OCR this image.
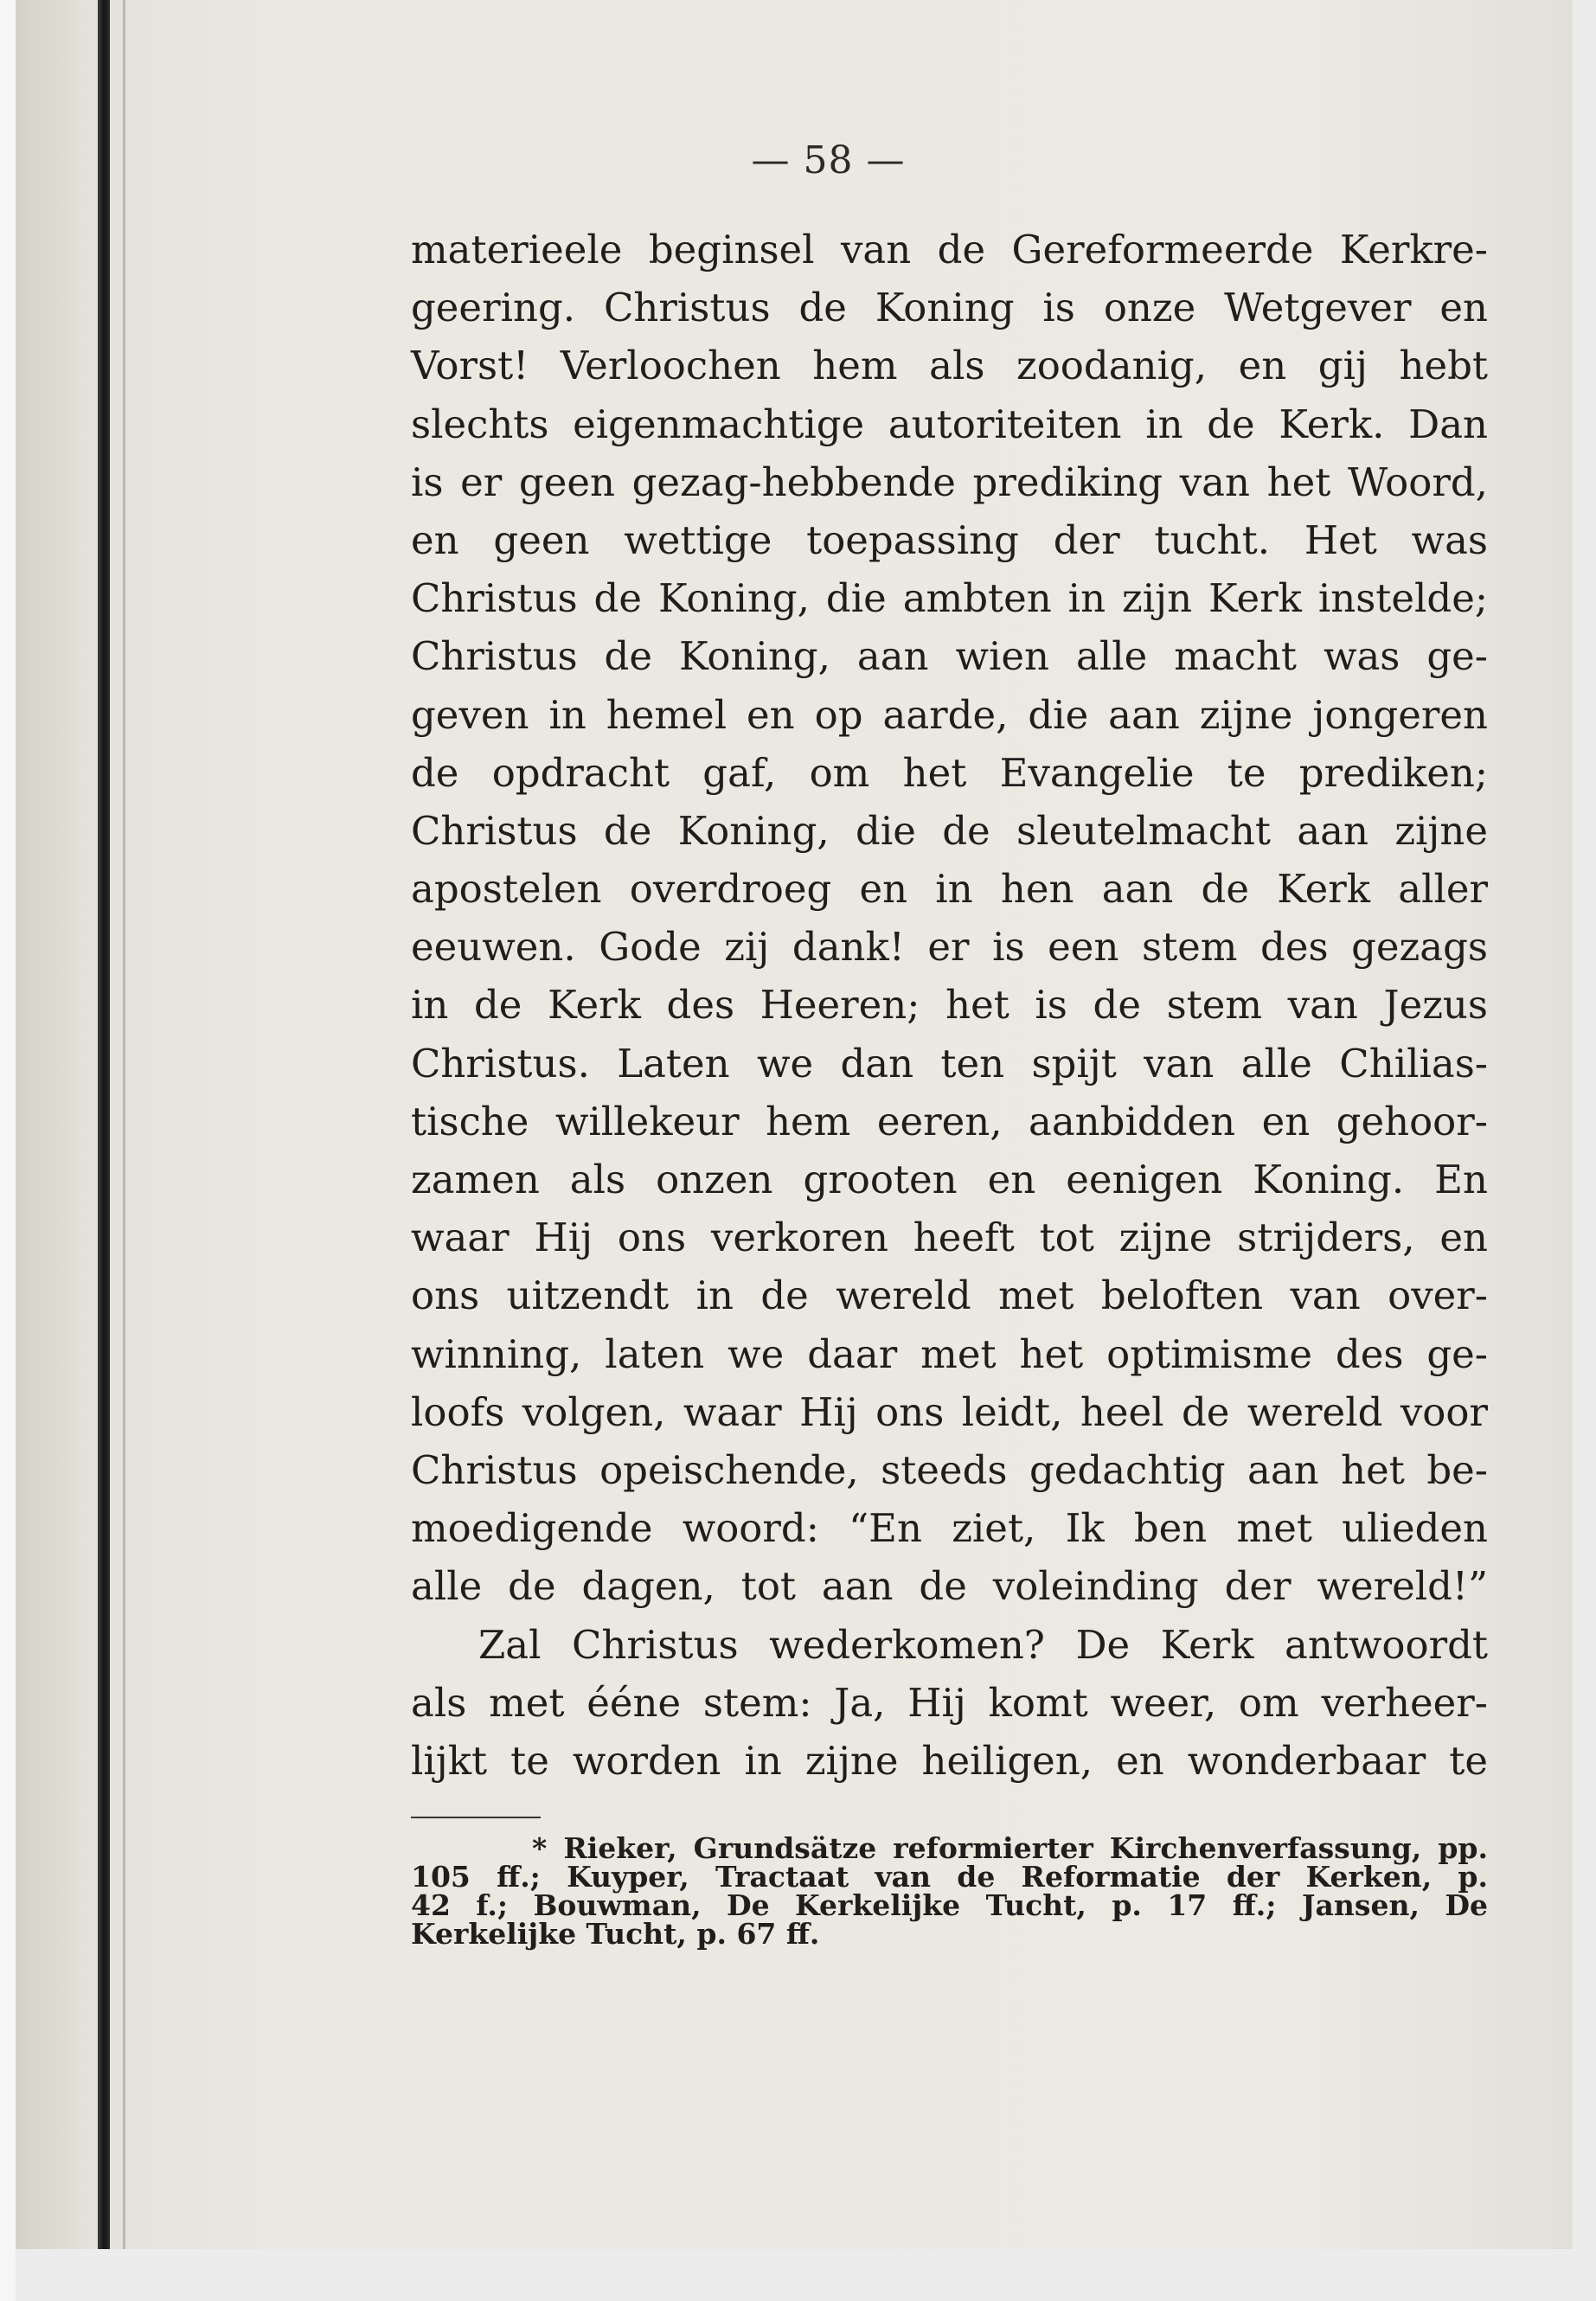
— 58 —
materieele beginsel van de Gereformeerde Kerkre-
geering. Christus de Koning is onze Wetgever en
Vorst! Verloochen hem als zoodanig, en gij hebt
slechts eigenmachtige autoriteiten in de Kerk. Dan
is er geen gezag-hebbende prediking van het Woord,
en geen wettige toepassing der tucht. Het was
Christus de Koning, die ambten in zijn Kerk instelde;
Christus de Koning, aan wien alle macht was ge-
geven in hemel en op aarde, die aan zijne jongeren
de opdracht gaf, om het Evangelie te prediken;
Christus de Koning, die de sleutelmacht aan zijne
apostelen overdroeg en in hen aan de Kerk aller
eeuwen. Gode zij dank! er is een stem des gezags
in de Kerk des Heeren; het is de stem van Jezus
Christus. Laten we dan ten spijt van alle Chilias-
tische willekeur hem eeren, aanbidden en gehoor-
zamen als onzen grooten en eenigen Koning. En
waar Hij ons verkoren heeft tot zijne strijders, en
ons uitzendt in de wereld met beloften van over-
winning, laten we daar met het optimisme des ge-
loofs volgen, waar Hij ons leidt, heel de wereld voor
Christus opeischende, steeds gedachtig aan het be-
moedigende woord: “En ziet, Ik ben met ulieden
alle de dagen, tot aan de voleinding der wereld!”
Zal Christus wederkomen? De Kerk antwoordt
als met ééne stem: Ja, Hij komt weer, om verheer-
lijkt te worden in zijne heiligen, en wonderbaar te
* Rieker, Grundsätze reformierter Kirchenverfassung, pp.
105 ff.; Kuyper, Tractaat van de Reformatie der Kerken, p.
42 f.; Bouwman, De Kerkelijke Tucht, p. 17 ff.; Jansen, De
Kerkelijke Tucht, p. 67 ff.
